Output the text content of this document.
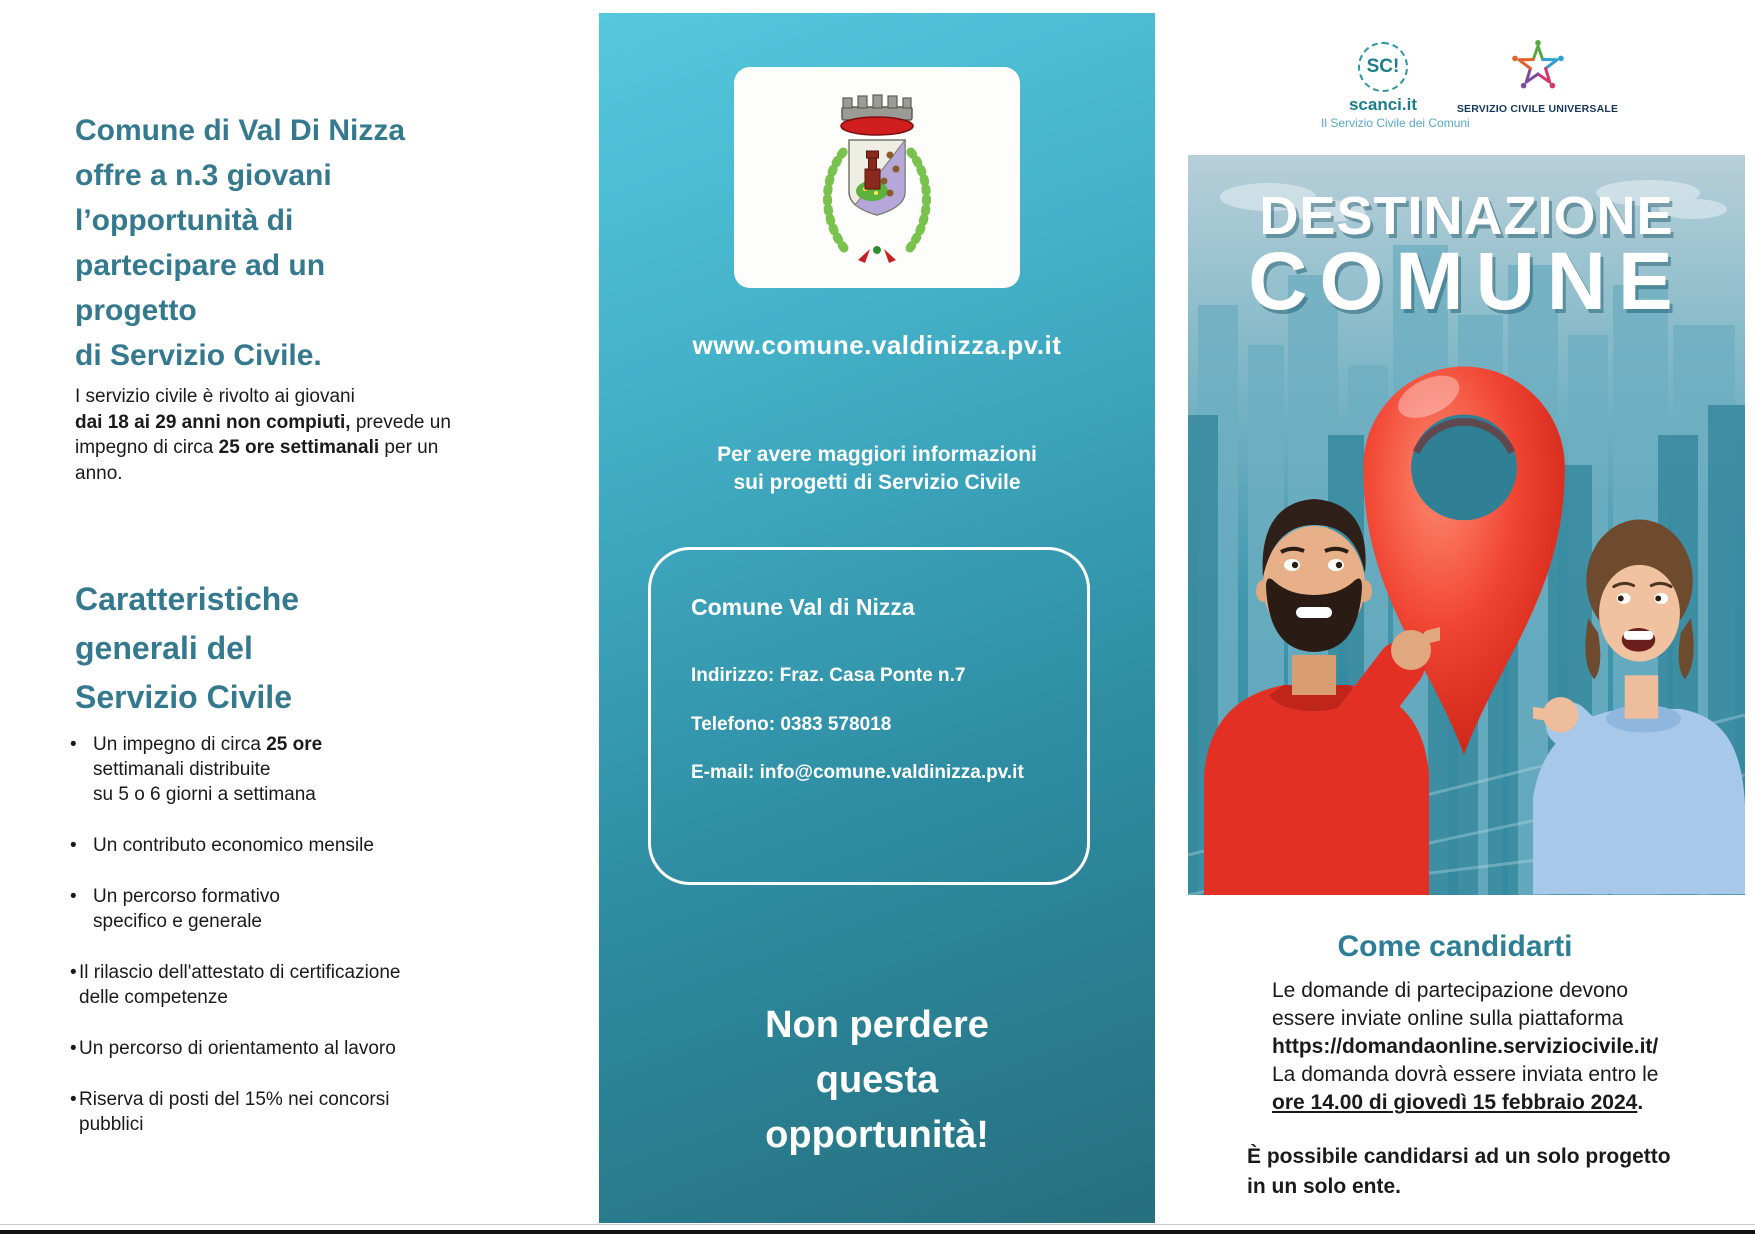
Comune di Val Di Nizza
offre a n.3 giovani
l’opportunità di
partecipare ad un
progetto
di Servizio Civile.
I servizio civile è rivolto ai giovani
dai 18 ai 29 anni non compiuti, prevede un
impegno di circa 25 ore settimanali per un
anno.
Caratteristiche
generali del
Servizio Civile
• Un impegno di circa 25 ore
settimanali distribuite
su 5 o 6 giorni a settimana
• Un contributo economico mensile
• Un percorso formativo
specifico e generale
• Il rilascio dell'attestato di certificazione
delle competenze
• Un percorso di orientamento al lavoro
• Riserva di posti del 15% nei concorsi
pubblici
www.comune.valdinizza.pv.it
Per avere maggiori informazioni
sui progetti di Servizio Civile
Comune Val di Nizza
Indirizzo: Fraz. Casa Ponte n.7
Telefono: 0383 578018
E-mail: info@comune.valdinizza.pv.it
Non perdere
questa
opportunità!
SC!
scanci.it
Il Servizio Civile dei Comuni
SERVIZIO CIVILE UNIVERSALE
DESTINAZIONE
COMUNE
Come candidarti
Le domande di partecipazione devono
essere inviate online sulla piattaforma
https://domandaonline.serviziocivile.it/
La domanda dovrà essere inviata entro le
ore 14.00 di giovedì 15 febbraio 2024.
È possibile candidarsi ad un solo progetto
in un solo ente.
